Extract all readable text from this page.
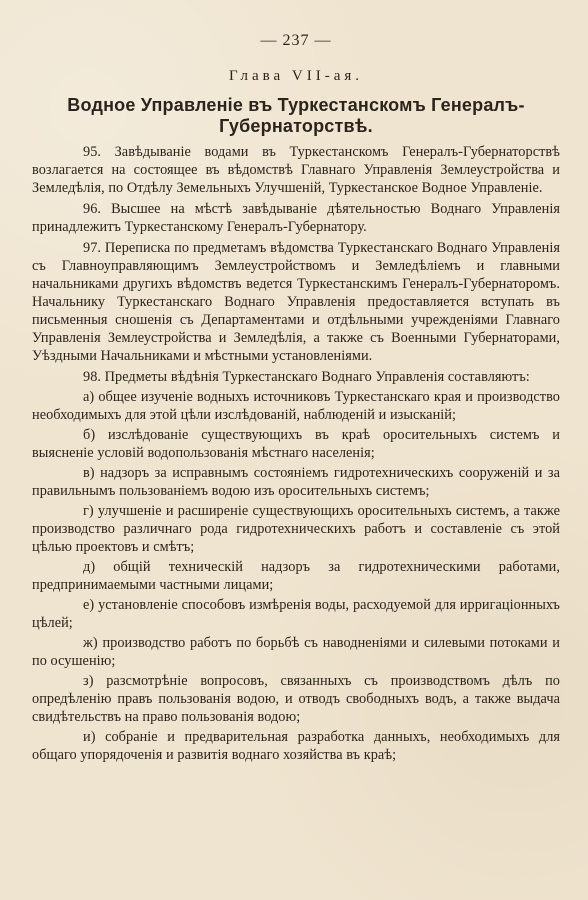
— 237 —
Глава VII-ая.
Водное Управленіе въ Туркестанскомъ Генералъ-Губернаторствѣ.

95. Завѣдываніе водами въ Туркестанскомъ Генералъ-Губернаторствѣ возлагается на состоящее въ вѣдомствѣ Главнаго Управленія Землеустройства и Земледѣлія, по Отдѣлу Земельныхъ Улучшеній, Туркестанское Водное Управленіе.

96. Высшее на мѣстѣ завѣдываніе дѣятельностью Воднаго Управленія принадлежитъ Туркестанскому Генералъ-Губернатору.

97. Переписка по предметамъ вѣдомства Туркестанскаго Воднаго Управленія съ Главноуправляющимъ Землеустройствомъ и Земледѣліемъ и главными начальниками другихъ вѣдомствъ ведется Туркестанскимъ Генералъ-Губернаторомъ. Начальнику Туркестанскаго Воднаго Управленія предоставляется вступать въ письменныя сношенія съ Департаментами и отдѣльными учрежденіями Главнаго Управленія Землеустройства и Земледѣлія, а также съ Военными Губернаторами, Уѣздными Начальниками и мѣстными установленіями.

98. Предметы вѣдѣнія Туркестанскаго Воднаго Управленія составляютъ:

а) общее изученіе водныхъ источниковъ Туркестанскаго края и производство необходимыхъ для этой цѣли изслѣдованій, наблюденій и изысканій;

б) изслѣдованіе существующихъ въ краѣ оросительныхъ системъ и выясненіе условій водопользованія мѣстнаго населенія;

в) надзоръ за исправнымъ состояніемъ гидротехническихъ сооруженій и за правильнымъ пользованіемъ водою изъ оросительныхъ системъ;

г) улучшеніе и расширеніе существующихъ оросительныхъ системъ, а также производство различнаго рода гидротехническихъ работъ и составленіе съ этой цѣлью проектовъ и смѣтъ;

д) общій техническій надзоръ за гидротехническими работами, предпринимаемыми частными лицами;

е) установленіе способовъ измѣренія воды, расходуемой для ирригаціонныхъ цѣлей;

ж) производство работъ по борьбѣ съ наводненіями и силевыми потоками и по осушенію;

з) разсмотрѣніе вопросовъ, связанныхъ съ производствомъ дѣлъ по опредѣленію правъ пользованія водою, и отводъ свободныхъ водъ, а также выдача свидѣтельствъ на право пользованія водою;

и) собраніе и предварительная разработка данныхъ, необходимыхъ для общаго упорядоченія и развитія воднаго хозяйства въ краѣ;
